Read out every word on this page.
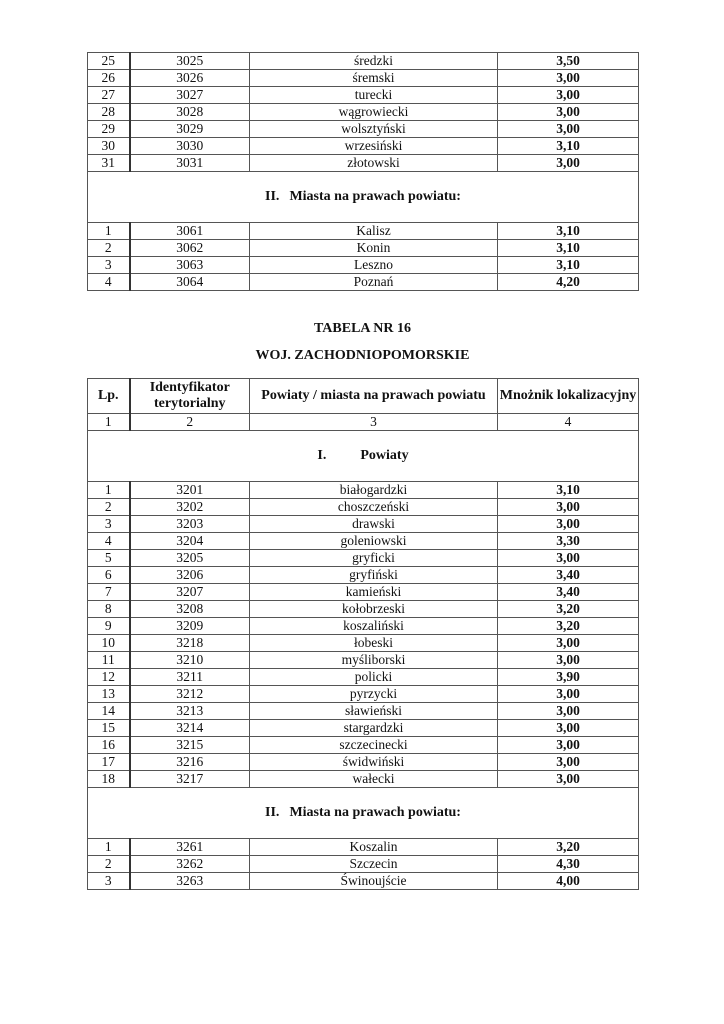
25	3025	średzki	3,50
26	3026	śremski	3,00
27	3027	turecki	3,00
28	3028	wągrowiecki	3,00
29	3029	wolsztyński	3,00
30	3030	wrzesiński	3,10
31	3031	złotowski	3,00
II. Miasta na prawach powiatu:			
1	3061	Kalisz	3,10
2	3062	Konin	3,10
3	3063	Leszno	3,10
4	3064	Poznań	4,20
TABELA NR 16
WOJ. ZACHODNIOPOMORSKIE
Lp.	Identyfikator terytorialny	Powiaty / miasta na prawach powiatu	Mnożnik lokalizacyjny
1	2	3	4
I. Powiaty			
1	3201	białogardzki	3,10
2	3202	choszczeński	3,00
3	3203	drawski	3,00
4	3204	goleniowski	3,30
5	3205	gryficki	3,00
6	3206	gryfiński	3,40
7	3207	kamieński	3,40
8	3208	kołobrzeski	3,20
9	3209	koszaliński	3,20
10	3218	łobeski	3,00
11	3210	myśliborski	3,00
12	3211	policki	3,90
13	3212	pyrzycki	3,00
14	3213	sławieński	3,00
15	3214	stargardzki	3,00
16	3215	szczecinecki	3,00
17	3216	świdwiński	3,00
18	3217	wałecki	3,00
II. Miasta na prawach powiatu:			
1	3261	Koszalin	3,20
2	3262	Szczecin	4,30
3	3263	Świnoujście	4,00
